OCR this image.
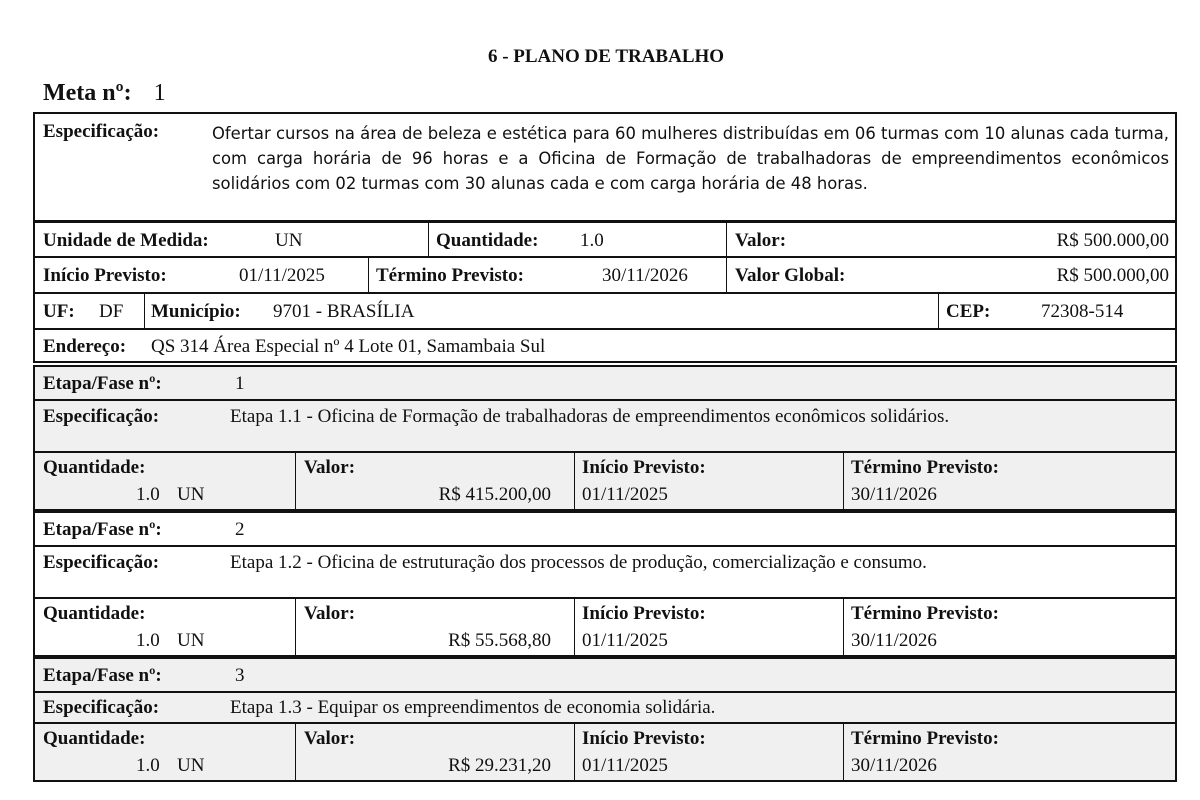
6 - PLANO DE TRABALHO
Meta nº: 1
Especificação:	Ofertar cursos na área de beleza e estética para 60 mulheres distribuídas em 06 turmas com 10 alunas cada turma, com carga horária de 96 horas e a Oficina de Formação de trabalhadoras de empreendimentos econômicos solidários com 02 turmas com 30 alunas cada e com carga horária de 48 horas.
Unidade de Medida:	UN	Quantidade: 1.0	Valor:	R$ 500.000,00
Início Previsto:	01/11/2025	Término Previsto:	30/11/2026 Valor Global:	R$ 500.000,00
UF: DF Município: 9701 - BRASÍLIA	CEP:	72308-514
Endereço: QS 314 Área Especial nº 4 Lote 01, Samambaia Sul
Etapa/Fase nº:	1
Especificação:	Etapa 1.1 - Oficina de Formação de trabalhadoras de empreendimentos econômicos solidários.
Quantidade:
1.0 UN
Valor:
R$ 415.200,00
Início Previsto:
01/11/2025
Término Previsto:
30/11/2026
Etapa/Fase nº:	2
Especificação:	Etapa 1.2 - Oficina de estruturação dos processos de produção, comercialização e consumo.
Quantidade:
1.0 UN
Valor:
R$ 55.568,80
Início Previsto:
01/11/2025
Término Previsto:
30/11/2026
Etapa/Fase nº:	3
Especificação:	Etapa 1.3 - Equipar os empreendimentos de economia solidária.
Quantidade:
1.0 UN
Valor:
R$ 29.231,20
Início Previsto:
01/11/2025
Término Previsto:
30/11/2026
